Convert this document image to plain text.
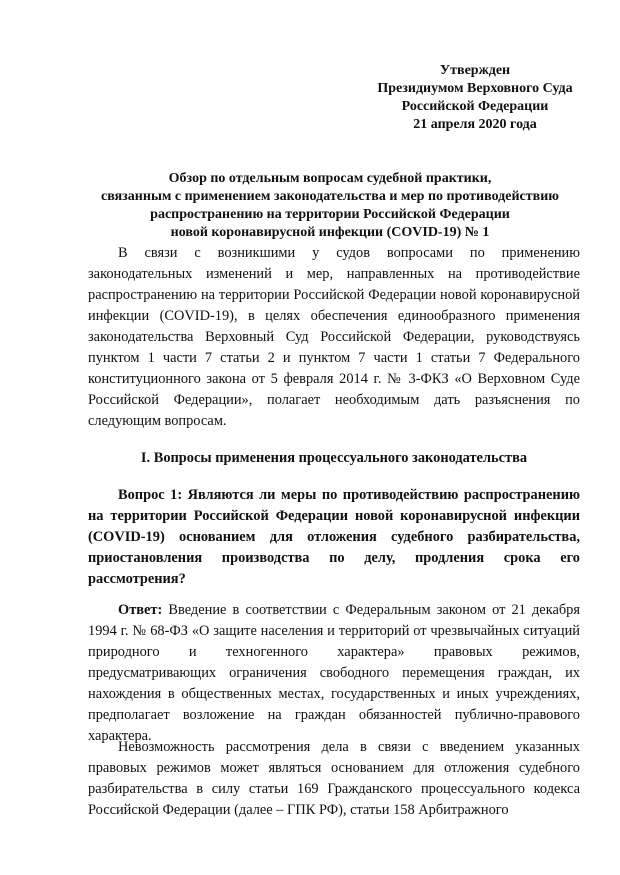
Утвержден
Президиумом Верховного Суда
Российской Федерации
21 апреля 2020 года
Обзор по отдельным вопросам судебной практики,
связанным с применением законодательства и мер по противодействию
распространению на территории Российской Федерации
новой коронавирусной инфекции (COVID-19) № 1

В связи с возникшими у судов вопросами по применению законодательных изменений и мер, направленных на противодействие распространению на территории Российской Федерации новой коронавирусной инфекции (COVID-19), в целях обеспечения единообразного применения законодательства Верховный Суд Российской Федерации, руководствуясь пунктом 1 части 7 статьи 2 и пунктом 7 части 1 статьи 7 Федерального конституционного закона от 5 февраля 2014 г. № 3-ФКЗ «О Верховном Суде Российской Федерации», полагает необходимым дать разъяснения по следующим вопросам.

I. Вопросы применения процессуального законодательства

Вопрос 1: Являются ли меры по противодействию распространению на территории Российской Федерации новой коронавирусной инфекции (COVID-19) основанием для отложения судебного разбирательства, приостановления производства по делу, продления срока его рассмотрения?

Ответ: Введение в соответствии с Федеральным законом от 21 декабря 1994 г. № 68-ФЗ «О защите населения и территорий от чрезвычайных ситуаций природного и техногенного характера» правовых режимов, предусматривающих ограничения свободного перемещения граждан, их нахождения в общественных местах, государственных и иных учреждениях, предполагает возложение на граждан обязанностей публично-правового характера.

Невозможность рассмотрения дела в связи с введением указанных правовых режимов может являться основанием для отложения судебного разбирательства в силу статьи 169 Гражданского процессуального кодекса Российской Федерации (далее – ГПК РФ), статьи 158 Арбитражного
